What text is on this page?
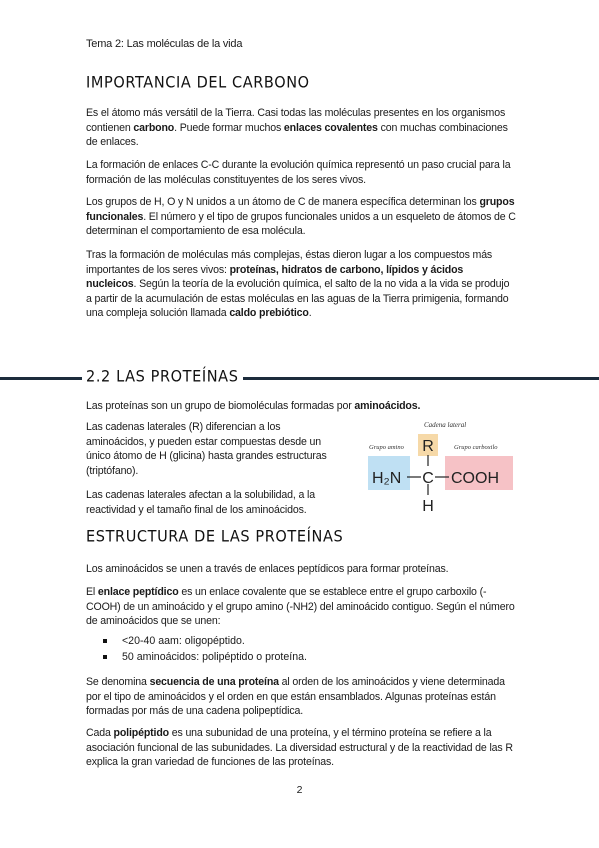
Tema 2: Las moléculas de la vida
IMPORTANCIA DEL CARBONO

Es el átomo más versátil de la Tierra. Casi todas las moléculas presentes en los organismos contienen carbono. Puede formar muchos enlaces covalentes con muchas combinaciones de enlaces.

La formación de enlaces C-C durante la evolución química representó un paso crucial para la formación de las moléculas constituyentes de los seres vivos.

Los grupos de H, O y N unidos a un átomo de C de manera específica determinan los grupos funcionales. El número y el tipo de grupos funcionales unidos a un esqueleto de átomos de C determinan el comportamiento de esa molécula.

Tras la formación de moléculas más complejas, éstas dieron lugar a los compuestos más importantes de los seres vivos: proteínas, hidratos de carbono, lípidos y ácidos nucleicos. Según la teoría de la evolución química, el salto de la no vida a la vida se produjo a partir de la acumulación de estas moléculas en las aguas de la Tierra primigenia, formando una compleja solución llamada caldo prebiótico.

2.2 LAS PROTEÍNAS

Las proteínas son un grupo de biomoléculas formadas por aminoácidos.

Las cadenas laterales (R) diferencian a los aminoácidos, y pueden estar compuestas desde un único átomo de H (glicina) hasta grandes estructuras (triptófano).

Las cadenas laterales afectan a la solubilidad, a la reactividad y el tamaño final de los aminoácidos.

Cadena lateral
R
Grupo amino	Grupo carboxilo
H₂N C COOH
H
ESTRUCTURA DE LAS PROTEÍNAS

Los aminoácidos se unen a través de enlaces peptídicos para formar proteínas.

El enlace peptídico es un enlace covalente que se establece entre el grupo carboxilo (-COOH) de un aminoácido y el grupo amino (-NH2) del aminoácido contiguo. Según el número de aminoácidos que se unen:

<20-40 aam: oligopéptido.
50 aminoácidos: polipéptido o proteína.

Se denomina secuencia de una proteína al orden de los aminoácidos y viene determinada por el tipo de aminoácidos y el orden en que están ensamblados. Algunas proteínas están formadas por más de una cadena polipeptídica.

Cada polipéptido es una subunidad de una proteína, y el término proteína se refiere a la asociación funcional de las subunidades. La diversidad estructural y de la reactividad de las R explica la gran variedad de funciones de las proteínas.

2
